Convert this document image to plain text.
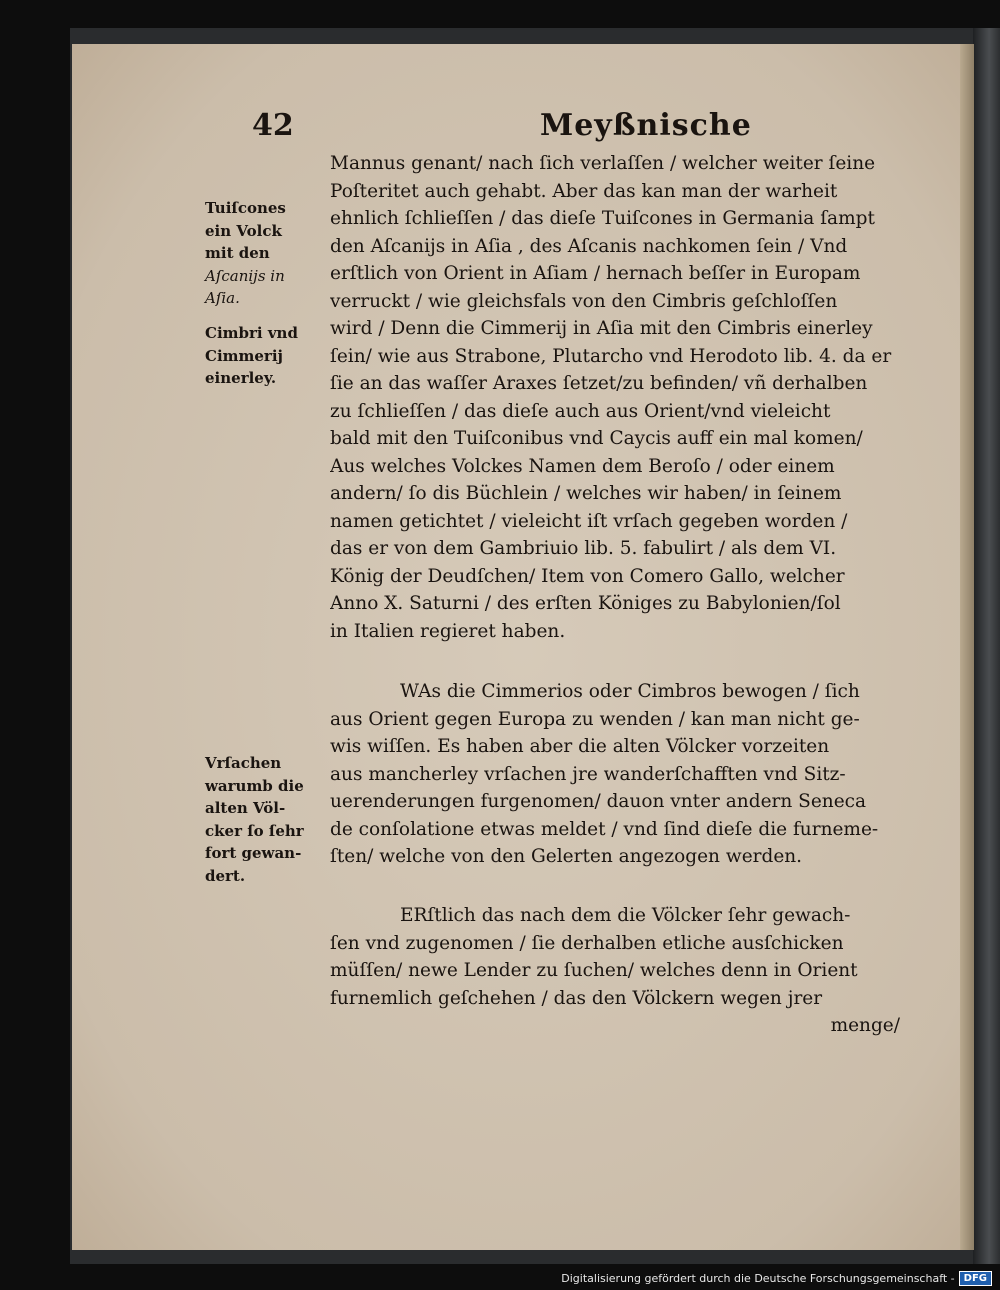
42	Meyßnische
Tuiſcones
ein Volck
mit den
Aſcanijs in
Aſia.
Cimbri vnd
Cimmerij
einerley.
Vrſachen
warumb die
alten Völ-
cker ſo ſehr
fort gewan-
dert.
Mannus genant/ nach ſich verlaſſen / welcher weiter ſeine
Poſteritet auch gehabt. Aber das kan man der warheit
ehnlich ſchlieſſen / das dieſe Tuiſcones in Germania ſampt
den Aſcanijs in Aſia , des Aſcanis nachkomen ſein / Vnd
erſtlich von Orient in Aſiam / hernach beſſer in Europam
verruckt / wie gleichsfals von den Cimbris geſchloſſen
wird / Denn die Cimmerij in Aſia mit den Cimbris einerley
ſein/ wie aus Strabone, Plutarcho vnd Herodoto lib. 4. da er
ſie an das waſſer Araxes ſetzet/zu befinden/ vñ derhalben
zu ſchlieſſen / das dieſe auch aus Orient/vnd vieleicht
bald mit den Tuiſconibus vnd Caycis auff ein mal komen/
Aus welches Volckes Namen dem Beroſo / oder einem
andern/ ſo dis Büchlein / welches wir haben/ in ſeinem
namen getichtet / vieleicht iſt vrſach gegeben worden /
das er von dem Gambriuio lib. 5. fabulirt / als dem VI.
König der Deudſchen/ Item von Comero Gallo, welcher
Anno X. Saturni / des erſten Königes zu Babylonien/ſol
in Italien regieret haben.
WAs die Cimmerios oder Cimbros bewogen / ſich
aus Orient gegen Europa zu wenden / kan man nicht ge-
wis wiſſen. Es haben aber die alten Völcker vorzeiten
aus mancherley vrſachen jre wanderſchafften vnd Sitz-
uerenderungen furgenomen/ dauon vnter andern Seneca
de conſolatione etwas meldet / vnd ſind dieſe die furneme-
ſten/ welche von den Gelerten angezogen werden.
ERſtlich das nach dem die Völcker ſehr gewach-
ſen vnd zugenomen / ſie derhalben etliche ausſchicken
müſſen/ newe Lender zu ſuchen/ welches denn in Orient
furnemlich geſchehen / das den Völckern wegen jrer
menge/
Digitalisierung gefördert durch die Deutsche Forschungsgemeinschaft - DFG
